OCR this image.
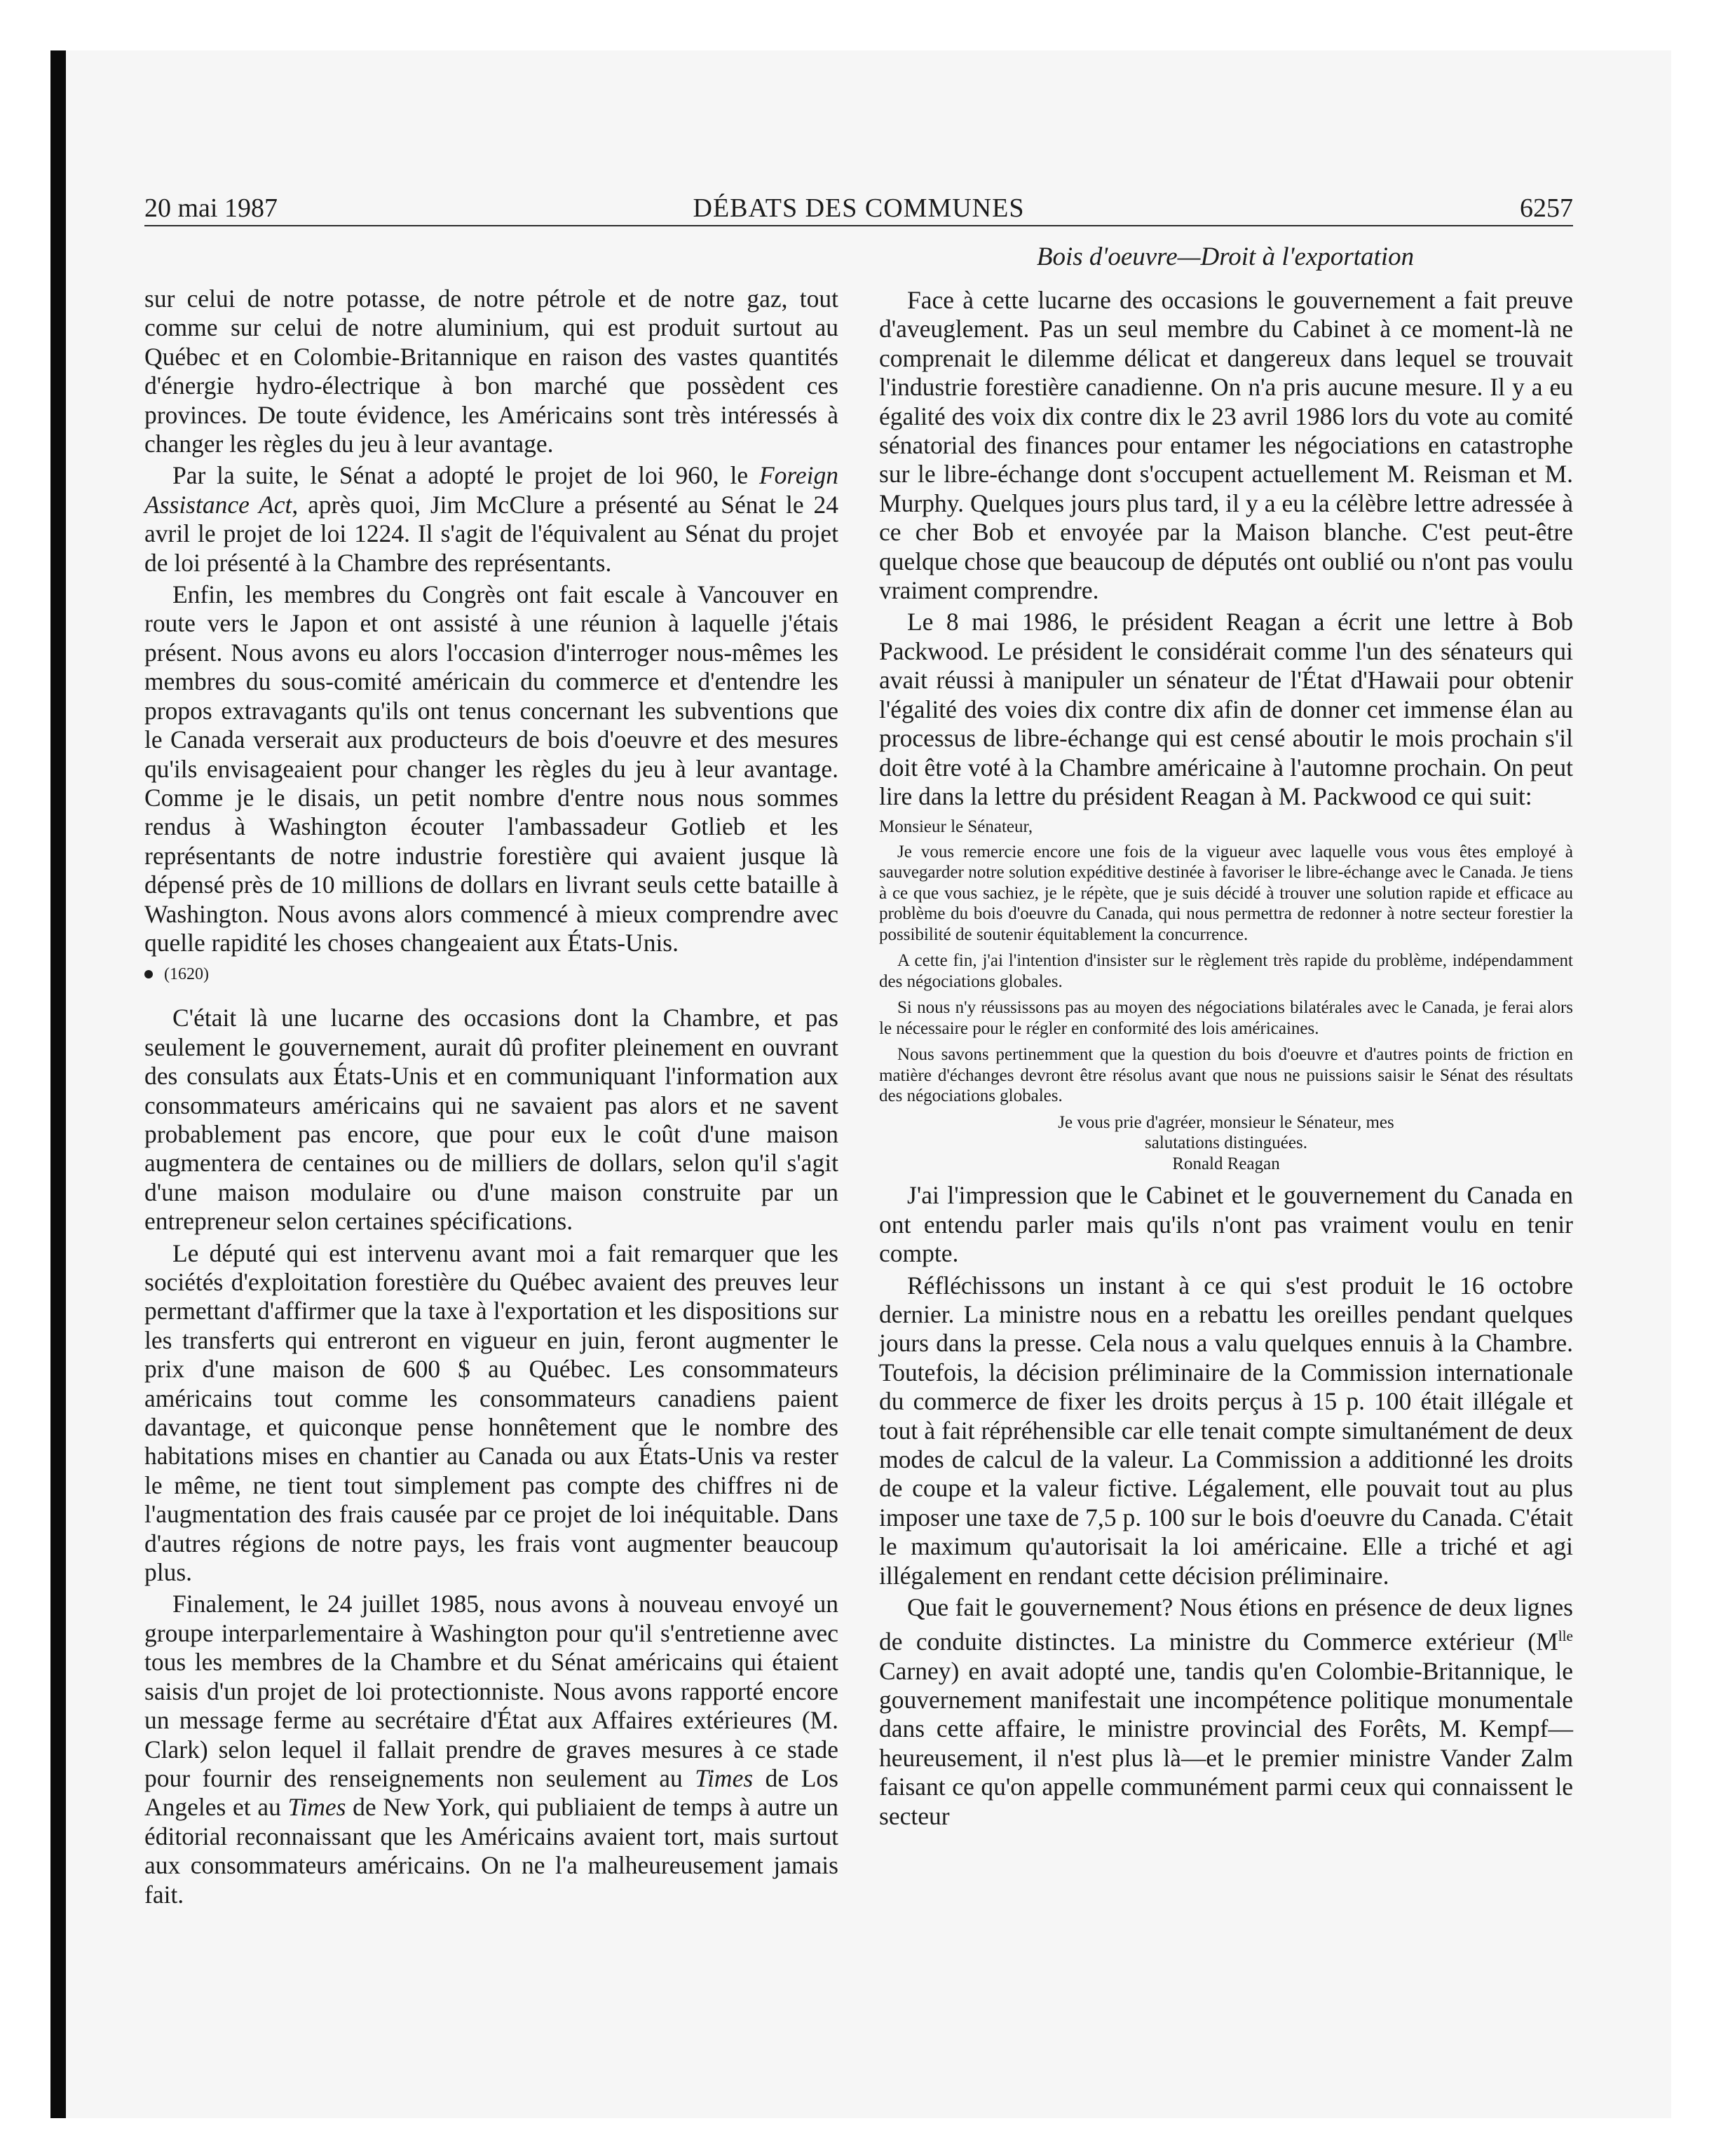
20 mai 1987	DÉBATS DES COMMUNES	6257
Bois d'oeuvre—Droit à l'exportation

sur celui de notre potasse, de notre pétrole et de notre gaz, tout comme sur celui de notre aluminium, qui est produit surtout au Québec et en Colombie-Britannique en raison des vastes quantités d'énergie hydro-électrique à bon marché que possèdent ces provinces. De toute évidence, les Américains sont très intéressés à changer les règles du jeu à leur avantage.

Par la suite, le Sénat a adopté le projet de loi 960, le Foreign Assistance Act, après quoi, Jim McClure a présenté au Sénat le 24 avril le projet de loi 1224. Il s'agit de l'équivalent au Sénat du projet de loi présenté à la Chambre des représentants.

Enfin, les membres du Congrès ont fait escale à Vancouver en route vers le Japon et ont assisté à une réunion à laquelle j'étais présent. Nous avons eu alors l'occasion d'interroger nous-mêmes les membres du sous-comité américain du commerce et d'entendre les propos extravagants qu'ils ont tenus concernant les subventions que le Canada verserait aux producteurs de bois d'oeuvre et des mesures qu'ils envisageaient pour changer les règles du jeu à leur avantage. Comme je le disais, un petit nombre d'entre nous nous sommes rendus à Washington écouter l'ambassadeur Gotlieb et les représentants de notre industrie forestière qui avaient jusque là dépensé près de 10 millions de dollars en livrant seuls cette bataille à Washington. Nous avons alors commencé à mieux comprendre avec quelle rapidité les choses changeaient aux États-Unis.

(1620)

C'était là une lucarne des occasions dont la Chambre, et pas seulement le gouvernement, aurait dû profiter pleinement en ouvrant des consulats aux États-Unis et en communiquant l'information aux consommateurs américains qui ne savaient pas alors et ne savent probablement pas encore, que pour eux le coût d'une maison augmentera de centaines ou de milliers de dollars, selon qu'il s'agit d'une maison modulaire ou d'une maison construite par un entrepreneur selon certaines spécifications.

Le député qui est intervenu avant moi a fait remarquer que les sociétés d'exploitation forestière du Québec avaient des preuves leur permettant d'affirmer que la taxe à l'exportation et les dispositions sur les transferts qui entreront en vigueur en juin, feront augmenter le prix d'une maison de 600 $ au Québec. Les consommateurs américains tout comme les consommateurs canadiens paient davantage, et quiconque pense honnêtement que le nombre des habitations mises en chantier au Canada ou aux États-Unis va rester le même, ne tient tout simplement pas compte des chiffres ni de l'augmentation des frais causée par ce projet de loi inéquitable. Dans d'autres régions de notre pays, les frais vont augmenter beaucoup plus.

Finalement, le 24 juillet 1985, nous avons à nouveau envoyé un groupe interparlementaire à Washington pour qu'il s'entretienne avec tous les membres de la Chambre et du Sénat américains qui étaient saisis d'un projet de loi protectionniste. Nous avons rapporté encore un message ferme au secrétaire d'État aux Affaires extérieures (M. Clark) selon lequel il fallait prendre de graves mesures à ce stade pour fournir des renseignements non seulement au Times de Los Angeles et au Times de New York, qui publiaient de temps à autre un éditorial reconnaissant que les Américains avaient tort, mais surtout aux consommateurs américains. On ne l'a malheureusement jamais fait.

Face à cette lucarne des occasions le gouvernement a fait preuve d'aveuglement. Pas un seul membre du Cabinet à ce moment-là ne comprenait le dilemme délicat et dangereux dans lequel se trouvait l'industrie forestière canadienne. On n'a pris aucune mesure. Il y a eu égalité des voix dix contre dix le 23 avril 1986 lors du vote au comité sénatorial des finances pour entamer les négociations en catastrophe sur le libre-échange dont s'occupent actuellement M. Reisman et M. Murphy. Quelques jours plus tard, il y a eu la célèbre lettre adressée à ce cher Bob et envoyée par la Maison blanche. C'est peut-être quelque chose que beaucoup de députés ont oublié ou n'ont pas voulu vraiment comprendre.

Le 8 mai 1986, le président Reagan a écrit une lettre à Bob Packwood. Le président le considérait comme l'un des sénateurs qui avait réussi à manipuler un sénateur de l'État d'Hawaii pour obtenir l'égalité des voies dix contre dix afin de donner cet immense élan au processus de libre-échange qui est censé aboutir le mois prochain s'il doit être voté à la Chambre américaine à l'automne prochain. On peut lire dans la lettre du président Reagan à M. Packwood ce qui suit:

Monsieur le Sénateur,

Je vous remercie encore une fois de la vigueur avec laquelle vous vous êtes employé à sauvegarder notre solution expéditive destinée à favoriser le libre-échange avec le Canada. Je tiens à ce que vous sachiez, je le répète, que je suis décidé à trouver une solution rapide et efficace au problème du bois d'oeuvre du Canada, qui nous permettra de redonner à notre secteur forestier la possibilité de soutenir équitablement la concurrence.

A cette fin, j'ai l'intention d'insister sur le règlement très rapide du problème, indépendamment des négociations globales.

Si nous n'y réussissons pas au moyen des négociations bilatérales avec le Canada, je ferai alors le nécessaire pour le régler en conformité des lois américaines.

Nous savons pertinemment que la question du bois d'oeuvre et d'autres points de friction en matière d'échanges devront être résolus avant que nous ne puissions saisir le Sénat des résultats des négociations globales.

Je vous prie d'agréer, monsieur le Sénateur, mes
salutations distinguées.
Ronald Reagan

J'ai l'impression que le Cabinet et le gouvernement du Canada en ont entendu parler mais qu'ils n'ont pas vraiment voulu en tenir compte.

Réfléchissons un instant à ce qui s'est produit le 16 octobre dernier. La ministre nous en a rebattu les oreilles pendant quelques jours dans la presse. Cela nous a valu quelques ennuis à la Chambre. Toutefois, la décision préliminaire de la Commission internationale du commerce de fixer les droits perçus à 15 p. 100 était illégale et tout à fait répréhensible car elle tenait compte simultanément de deux modes de calcul de la valeur. La Commission a additionné les droits de coupe et la valeur fictive. Légalement, elle pouvait tout au plus imposer une taxe de 7,5 p. 100 sur le bois d'oeuvre du Canada. C'était le maximum qu'autorisait la loi américaine. Elle a triché et agi illégalement en rendant cette décision préliminaire.

Que fait le gouvernement? Nous étions en présence de deux lignes de conduite distinctes. La ministre du Commerce extérieur ($M^{lle}$ Carney) en avait adopté une, tandis qu'en Colombie-Britannique, le gouvernement manifestait une incompétence politique monumentale dans cette affaire, le ministre provincial des Forêts, M. Kempf—heureusement, il n'est plus là—et le premier ministre Vander Zalm faisant ce qu'on appelle communément parmi ceux qui connaissent le secteur
